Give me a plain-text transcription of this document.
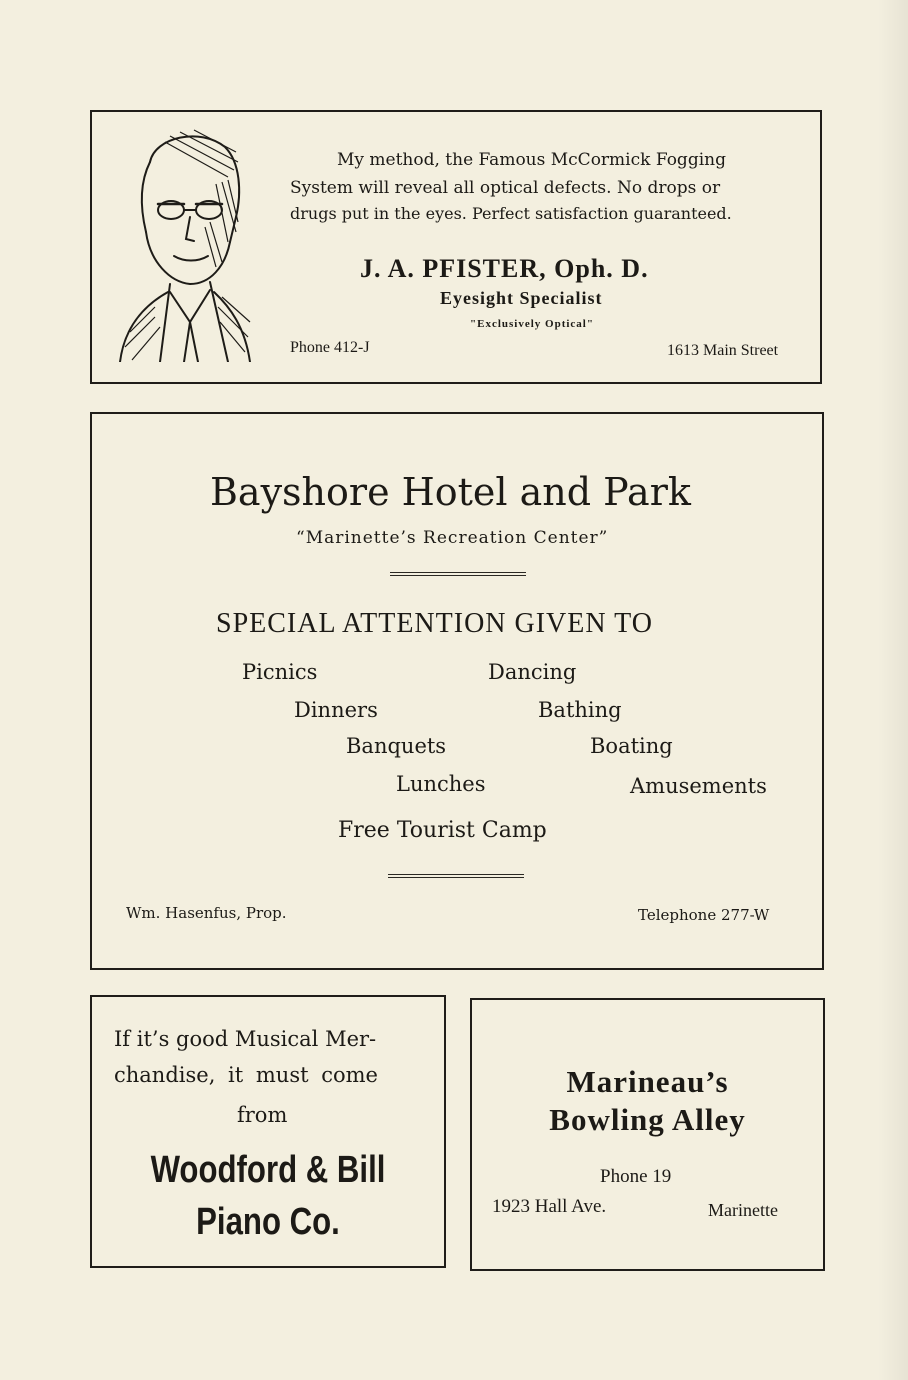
My method, the Famous McCormick Fogging

System will reveal all optical defects. No drops or

drugs put in the eyes. Perfect satisfaction guaranteed.

J. A. PFISTER, Oph. D.

Eyesight Specialist

"Exclusively Optical"

Phone 412-J	1613 Main Street

Bayshore Hotel and Park

“Marinette’s Recreation Center”

SPECIAL ATTENTION GIVEN TO

Picnics	Dancing

Dinners	Bathing

Banquets	Boating

Lunches	Amusements

Free Tourist Camp

Wm. Hasenfus, Prop.	Telephone 277-W

If it’s good Musical Mer-

chandise, it must come

from

Woodford & Bill

Piano Co.

Marineau’s

Bowling Alley

Phone 19

1923 Hall Ave.	Marinette
